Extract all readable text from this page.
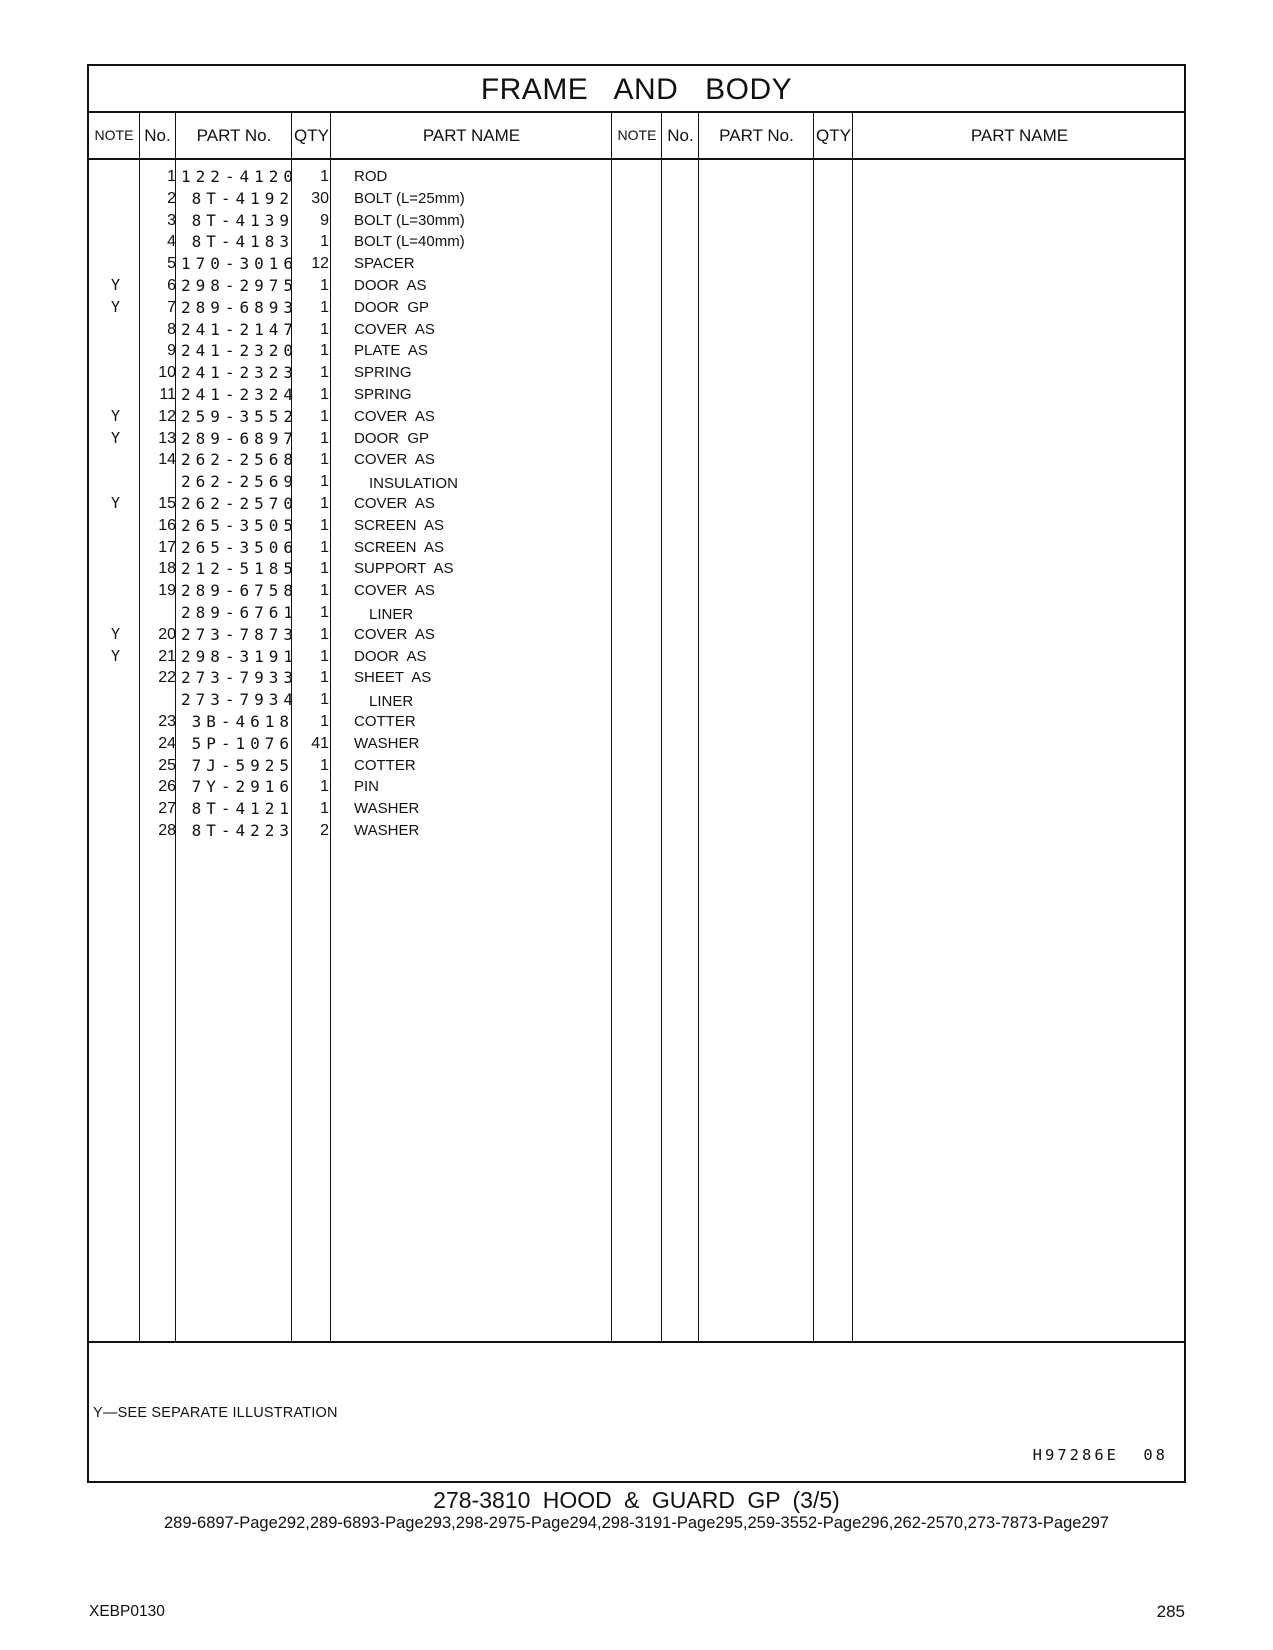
FRAME AND BODY
NOTE No.	PART No.	QTY	PART NAME	NOTE No.	PART No.	QTY	PART NAME
1 122-4120	1 ROD
2 8T-4192	30 BOLT (L=25mm)
3 8T-4139	9 BOLT (L=30mm)
4 8T-4183	1 BOLT (L=40mm)
5 170-3016 12 SPACER
Y	6 298-2975	1 DOOR  AS
Y	7 289-6893	1 DOOR  GP
8 241-2147	1 COVER  AS
9 241-2320	1 PLATE  AS
10 241-2323	1 SPRING
11 241-2324	1 SPRING
Y	12 259-3552	1 COVER  AS
Y	13 289-6897	1 DOOR  GP
14 262-2568	1 COVER  AS
262-2569	1	INSULATION
Y	15 262-2570	1 COVER  AS
16 265-3505	1 SCREEN  AS
17 265-3506	1 SCREEN  AS
18 212-5185	1 SUPPORT  AS
19 289-6758	1 COVER  AS
289-6761	1	LINER
Y	20 273-7873	1 COVER  AS
Y	21 298-3191	1 DOOR  AS
22 273-7933	1 SHEET  AS
273-7934	1	LINER
23 3B-4618	1 COTTER
24 5P-1076	41 WASHER
25 7J-5925	1 COTTER
26 7Y-2916	1 PIN
27 8T-4121	1 WASHER
28 8T-4223	2 WASHER
Y—SEE SEPARATE ILLUSTRATION
H97286E 08
278-3810 HOOD & GUARD GP (3/5)
289-6897-Page292,289-6893-Page293,298-2975-Page294,298-3191-Page295,259-3552-Page296,262-2570,273-7873-Page297
XEBP0130	285
